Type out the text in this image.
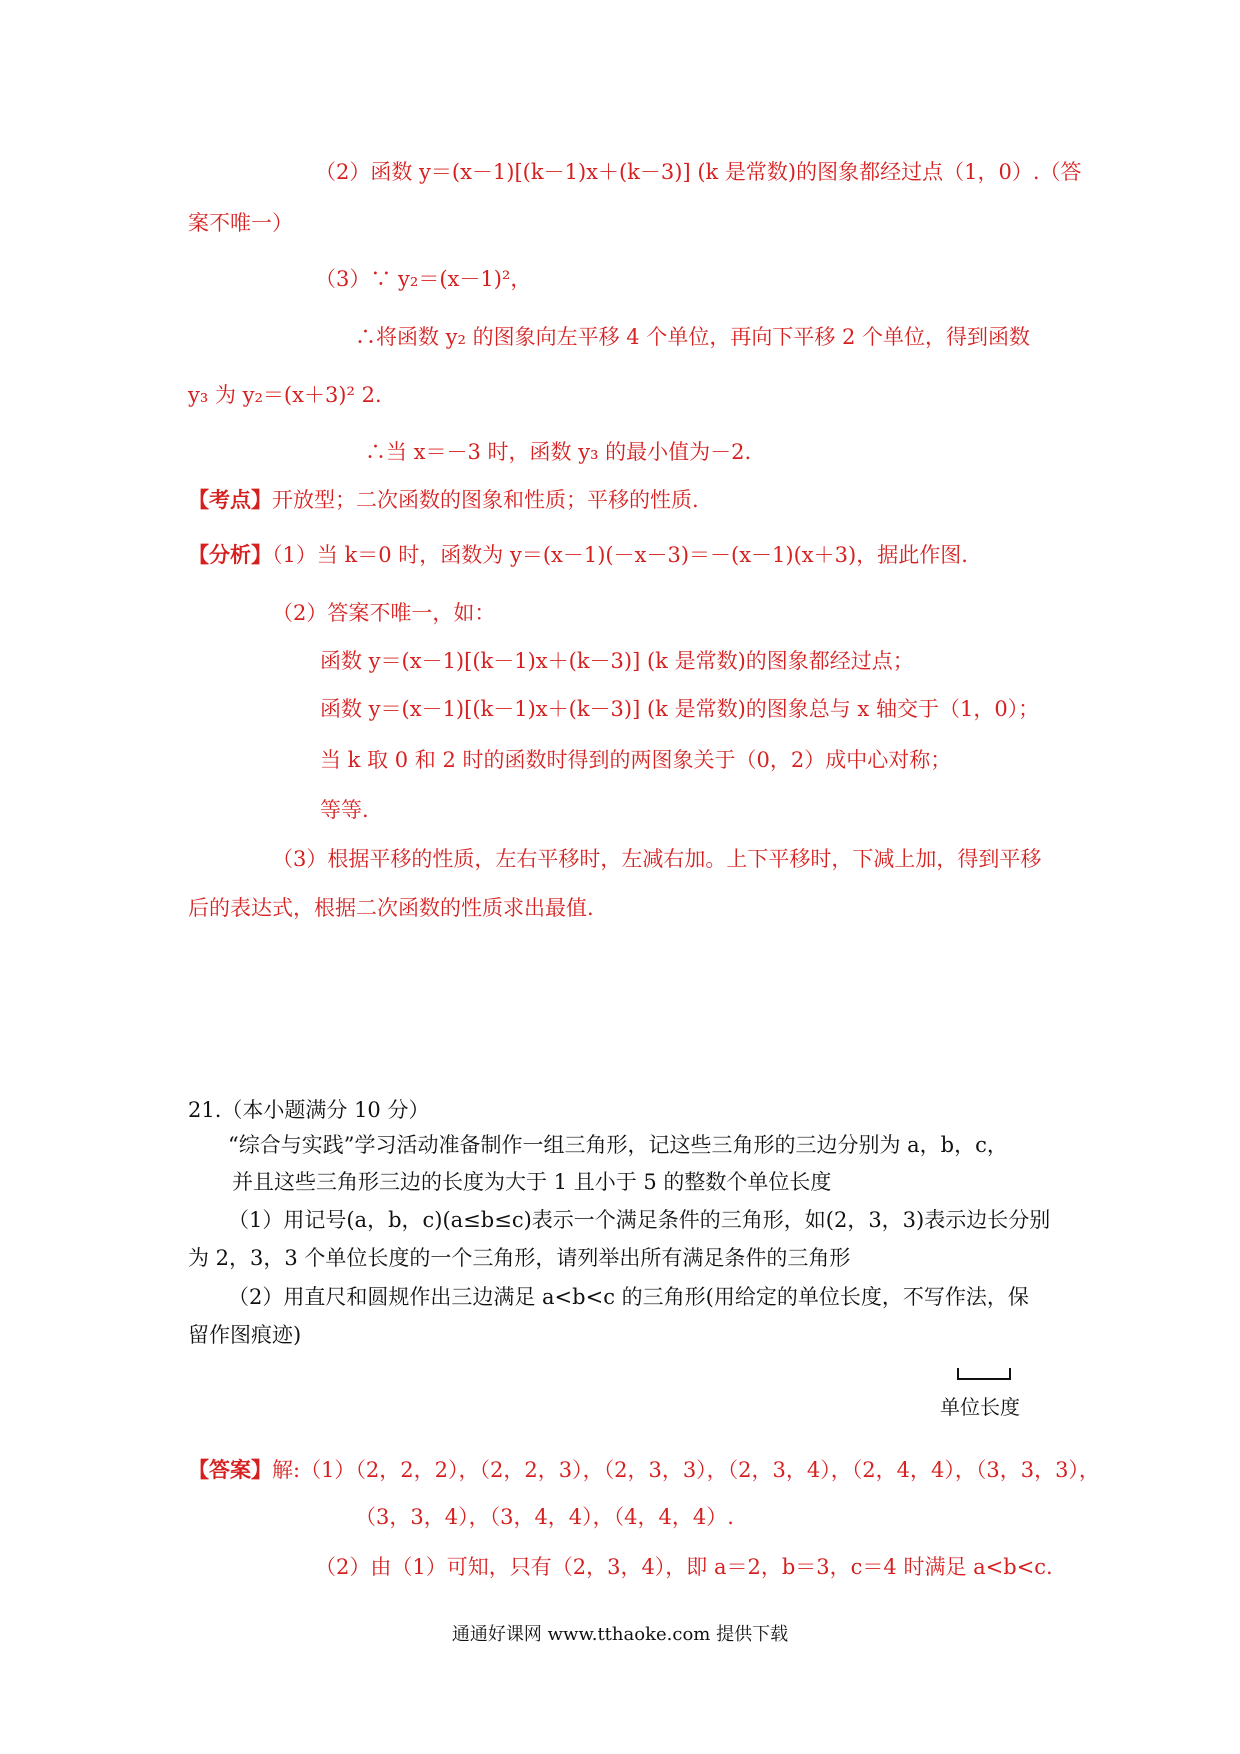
（2）函数 y＝(x－1)[(k－1)x＋(k－3)] (k 是常数)的图象都经过点（1，0）.（答
案不唯一）
（3）∵ y₂＝(x－1)²，
∴将函数 y₂ 的图象向左平移 4 个单位，再向下平移 2 个单位，得到函数
y₃ 为 y₂＝(x＋3)² 2.
∴当 x＝－3 时，函数 y₃ 的最小值为－2.
【考点】开放型；二次函数的图象和性质；平移的性质.
【分析】（1）当 k＝0 时，函数为 y＝(x－1)(－x－3)＝－(x－1)(x＋3)，据此作图.
（2）答案不唯一，如：
函数 y＝(x－1)[(k－1)x＋(k－3)] (k 是常数)的图象都经过点；
函数 y＝(x－1)[(k－1)x＋(k－3)] (k 是常数)的图象总与 x 轴交于（1，0）；
当 k 取 0 和 2 时的函数时得到的两图象关于（0，2）成中心对称；
等等.
（3）根据平移的性质，左右平移时，左减右加。上下平移时，下减上加，得到平移
后的表达式，根据二次函数的性质求出最值.
21.（本小题满分 10 分）
“综合与实践”学习活动准备制作一组三角形，记这些三角形的三边分别为 a，b，c，
并且这些三角形三边的长度为大于 1 且小于 5 的整数个单位长度
（1）用记号(a，b，c)(a≤b≤c)表示一个满足条件的三角形，如(2，3，3)表示边长分别
为 2，3，3 个单位长度的一个三角形，请列举出所有满足条件的三角形
（2）用直尺和圆规作出三边满足 a<b<c 的三角形(用给定的单位长度，不写作法，保
留作图痕迹)
单位长度
【答案】解:（1）（2，2，2），（2，2，3），（2，3，3），（2，3，4），（2，4，4），（3，3，3），
（3，3，4），（3，4，4），（4，4，4）.
（2）由（1）可知，只有（2，3，4），即 a＝2，b＝3，c＝4 时满足 a<b<c.
通通好课网 www.tthaoke.com 提供下载
